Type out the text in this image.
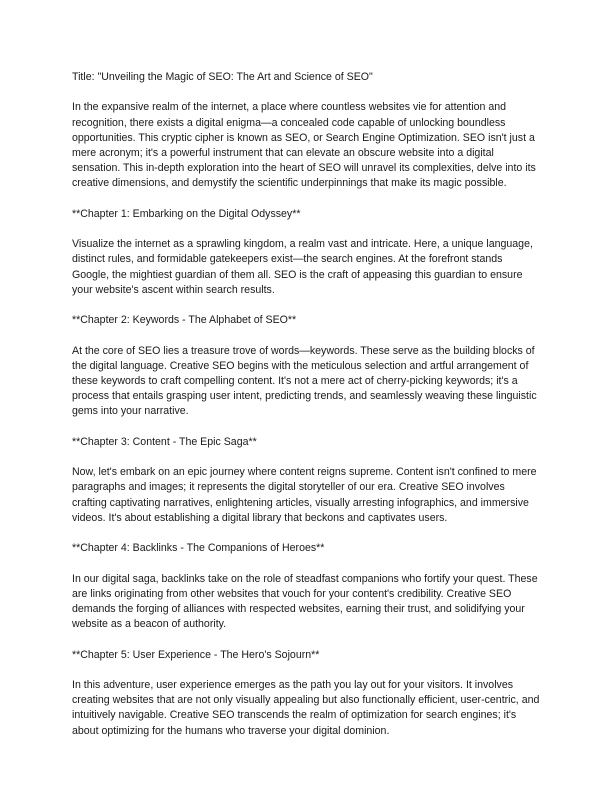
Title: "Unveiling the Magic of SEO: The Art and Science of SEO"

In the expansive realm of the internet, a place where countless websites vie for attention and recognition, there exists a digital enigma—a concealed code capable of unlocking boundless opportunities. This cryptic cipher is known as SEO, or Search Engine Optimization. SEO isn't just a mere acronym; it's a powerful instrument that can elevate an obscure website into a digital sensation. This in-depth exploration into the heart of SEO will unravel its complexities, delve into its creative dimensions, and demystify the scientific underpinnings that make its magic possible.

**Chapter 1: Embarking on the Digital Odyssey**

Visualize the internet as a sprawling kingdom, a realm vast and intricate. Here, a unique language, distinct rules, and formidable gatekeepers exist—the search engines. At the forefront stands Google, the mightiest guardian of them all. SEO is the craft of appeasing this guardian to ensure your website's ascent within search results.

**Chapter 2: Keywords - The Alphabet of SEO**

At the core of SEO lies a treasure trove of words—keywords. These serve as the building blocks of the digital language. Creative SEO begins with the meticulous selection and artful arrangement of these keywords to craft compelling content. It's not a mere act of cherry-picking keywords; it's a process that entails grasping user intent, predicting trends, and seamlessly weaving these linguistic gems into your narrative.

**Chapter 3: Content - The Epic Saga**

Now, let's embark on an epic journey where content reigns supreme. Content isn't confined to mere paragraphs and images; it represents the digital storyteller of our era. Creative SEO involves crafting captivating narratives, enlightening articles, visually arresting infographics, and immersive videos. It's about establishing a digital library that beckons and captivates users.

**Chapter 4: Backlinks - The Companions of Heroes**

In our digital saga, backlinks take on the role of steadfast companions who fortify your quest. These are links originating from other websites that vouch for your content's credibility. Creative SEO demands the forging of alliances with respected websites, earning their trust, and solidifying your website as a beacon of authority.

**Chapter 5: User Experience - The Hero's Sojourn**

In this adventure, user experience emerges as the path you lay out for your visitors. It involves creating websites that are not only visually appealing but also functionally efficient, user-centric, and intuitively navigable. Creative SEO transcends the realm of optimization for search engines; it's about optimizing for the humans who traverse your digital dominion.
